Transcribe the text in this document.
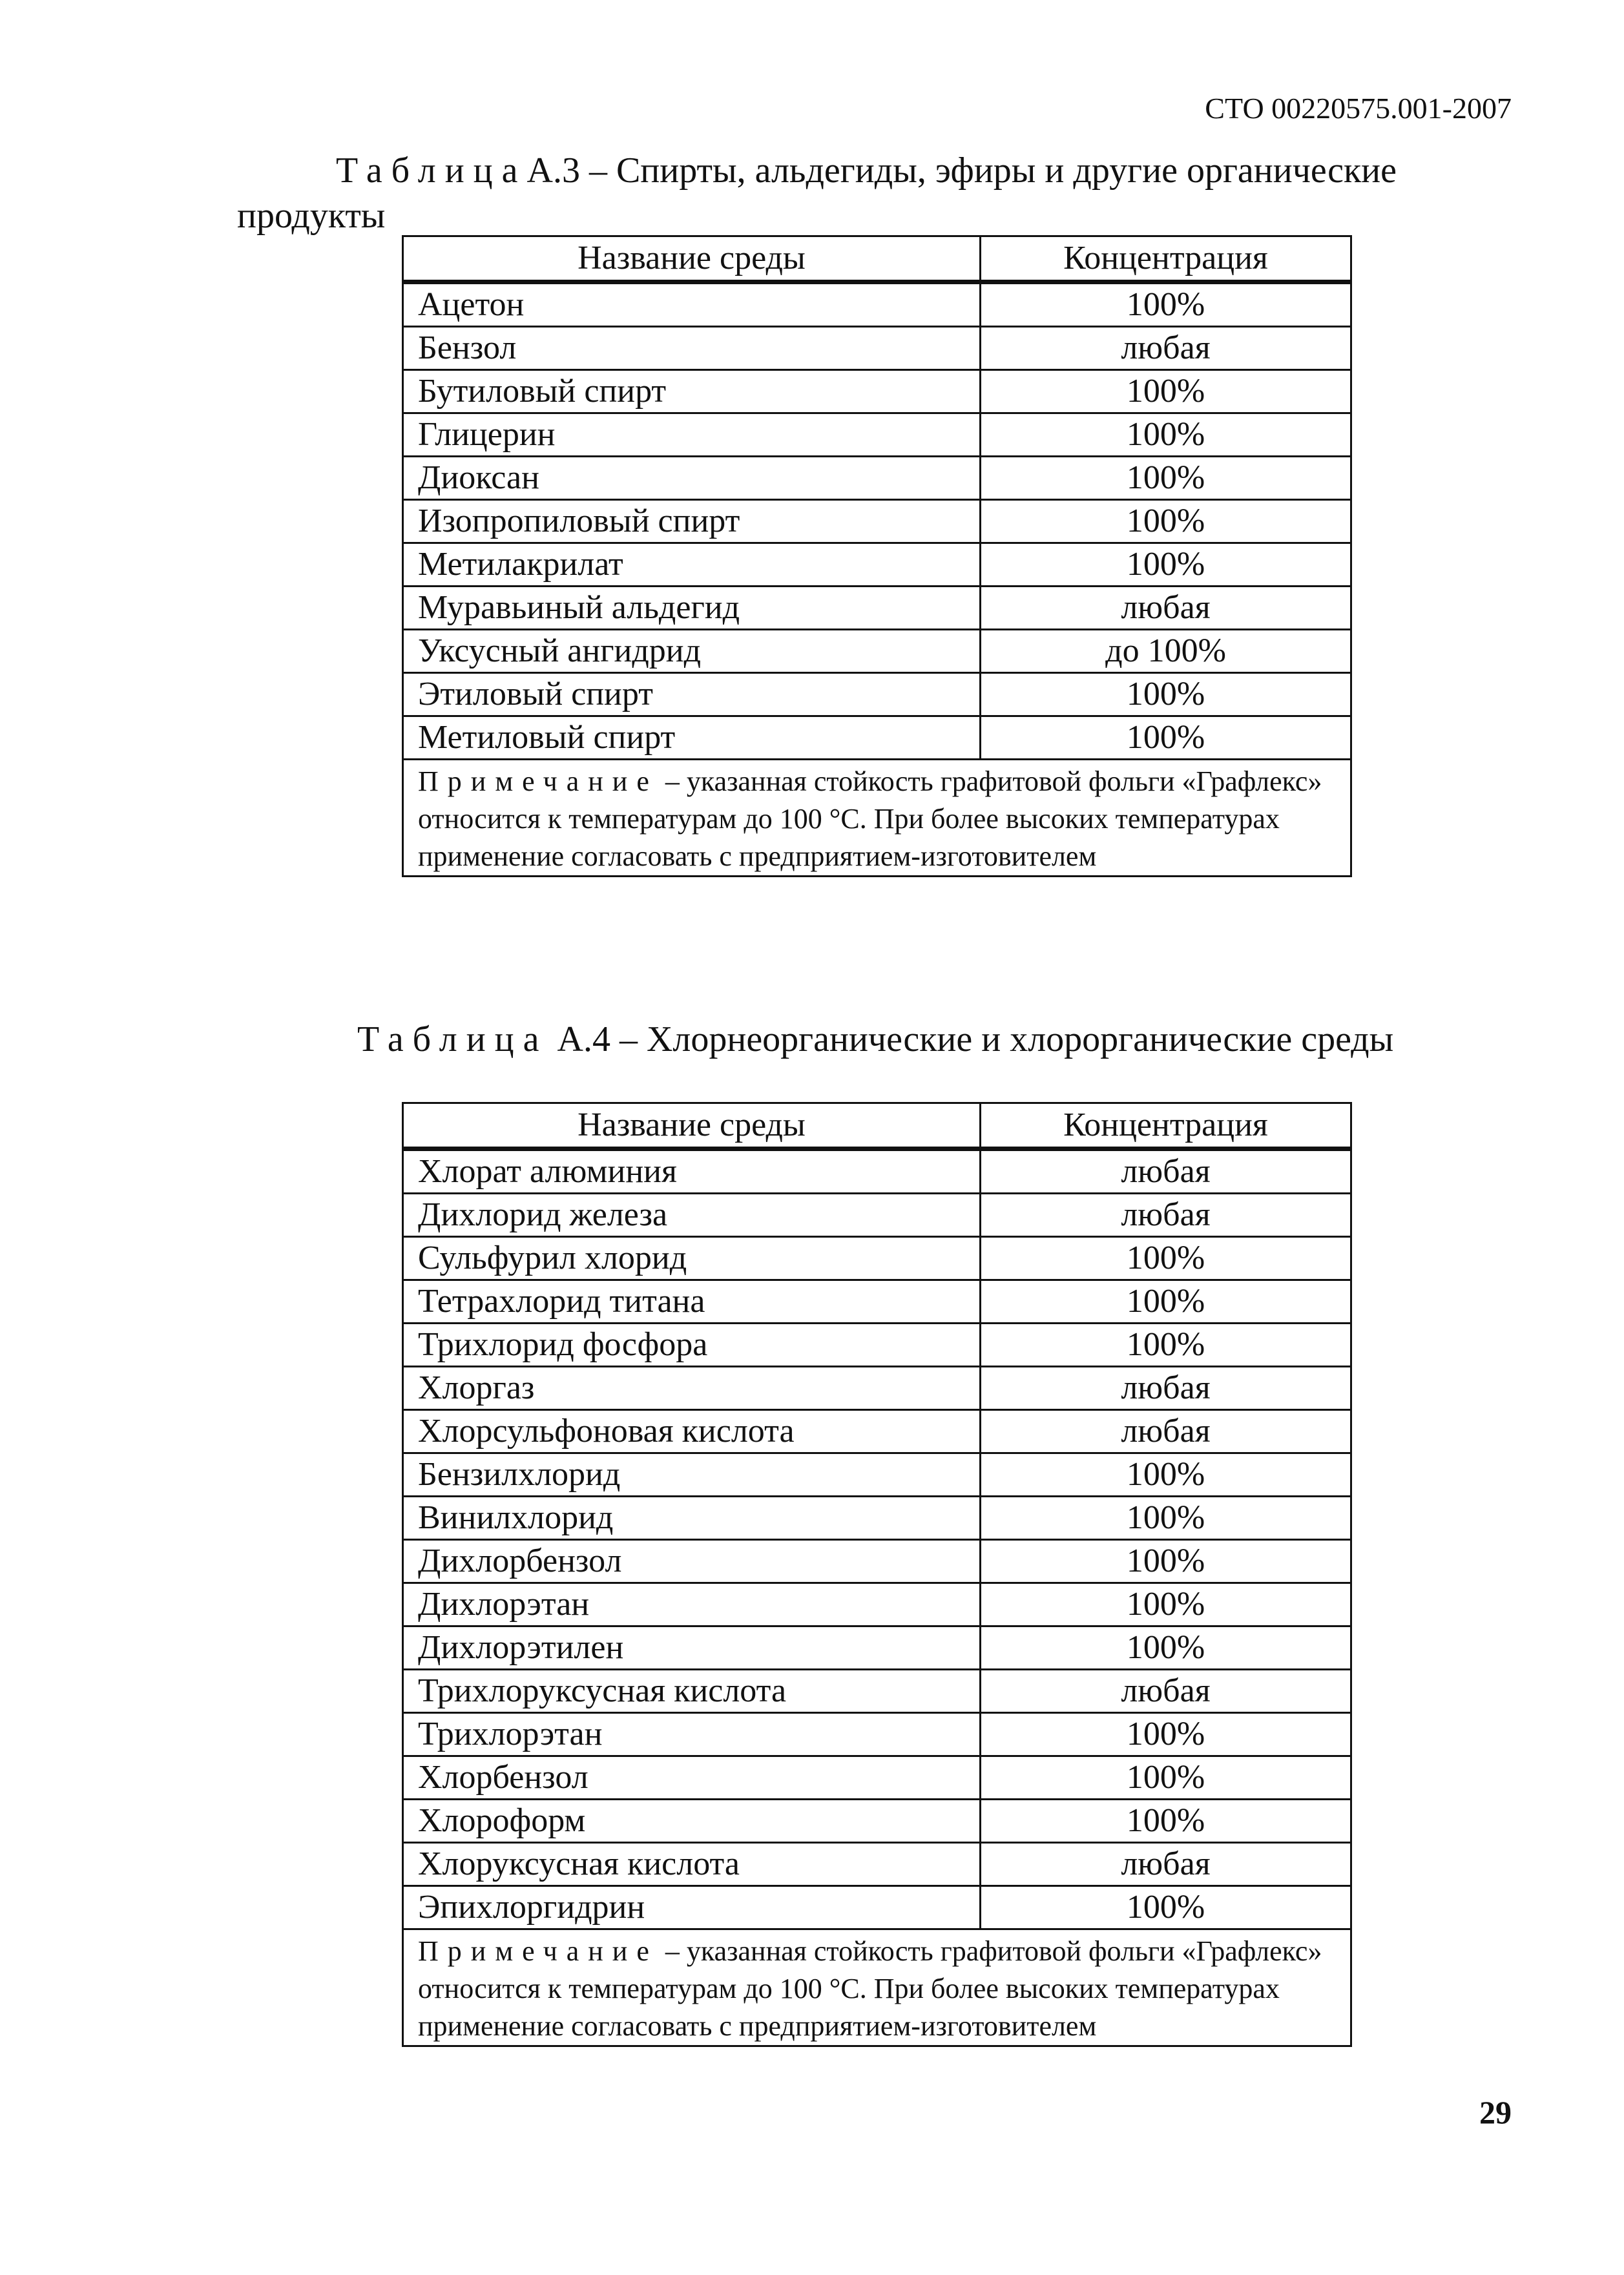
СТО 00220575.001-2007
ТаблицаА.3 – Спирты, альдегиды, эфиры и другие органические
продукты
Название среды	Концентрация
Ацетон	100%
Бензол	любая
Бутиловый спирт	100%
Глицерин	100%
Диоксан	100%
Изопропиловый спирт	100%
Метилакрилат	100%
Муравьиный альдегид	любая
Уксусный ангидрид	до 100%
Этиловый спирт	100%
Метиловый спирт	100%
Примечание – указанная стойкость графитовой фольги «Графлекс» относится к температурам до 100 °С. При более высоких температурах применение согласовать с предприятием-изготовителем	
Таблица А.4 – Хлорнеорганические и хлорорганические среды
Название среды	Концентрация
Хлорат алюминия	любая
Дихлорид железа	любая
Сульфурил хлорид	100%
Тетрахлорид титана	100%
Трихлорид фосфора	100%
Хлоргаз	любая
Хлорсульфоновая кислота	любая
Бензилхлорид	100%
Винилхлорид	100%
Дихлорбензол	100%
Дихлорэтан	100%
Дихлорэтилен	100%
Трихлоруксусная кислота	любая
Трихлорэтан	100%
Хлорбензол	100%
Хлороформ	100%
Хлоруксусная кислота	любая
Эпихлоргидрин	100%
Примечание – указанная стойкость графитовой фольги «Графлекс» относится к температурам до 100 °С. При более высоких температурах применение согласовать с предприятием-изготовителем	
29
